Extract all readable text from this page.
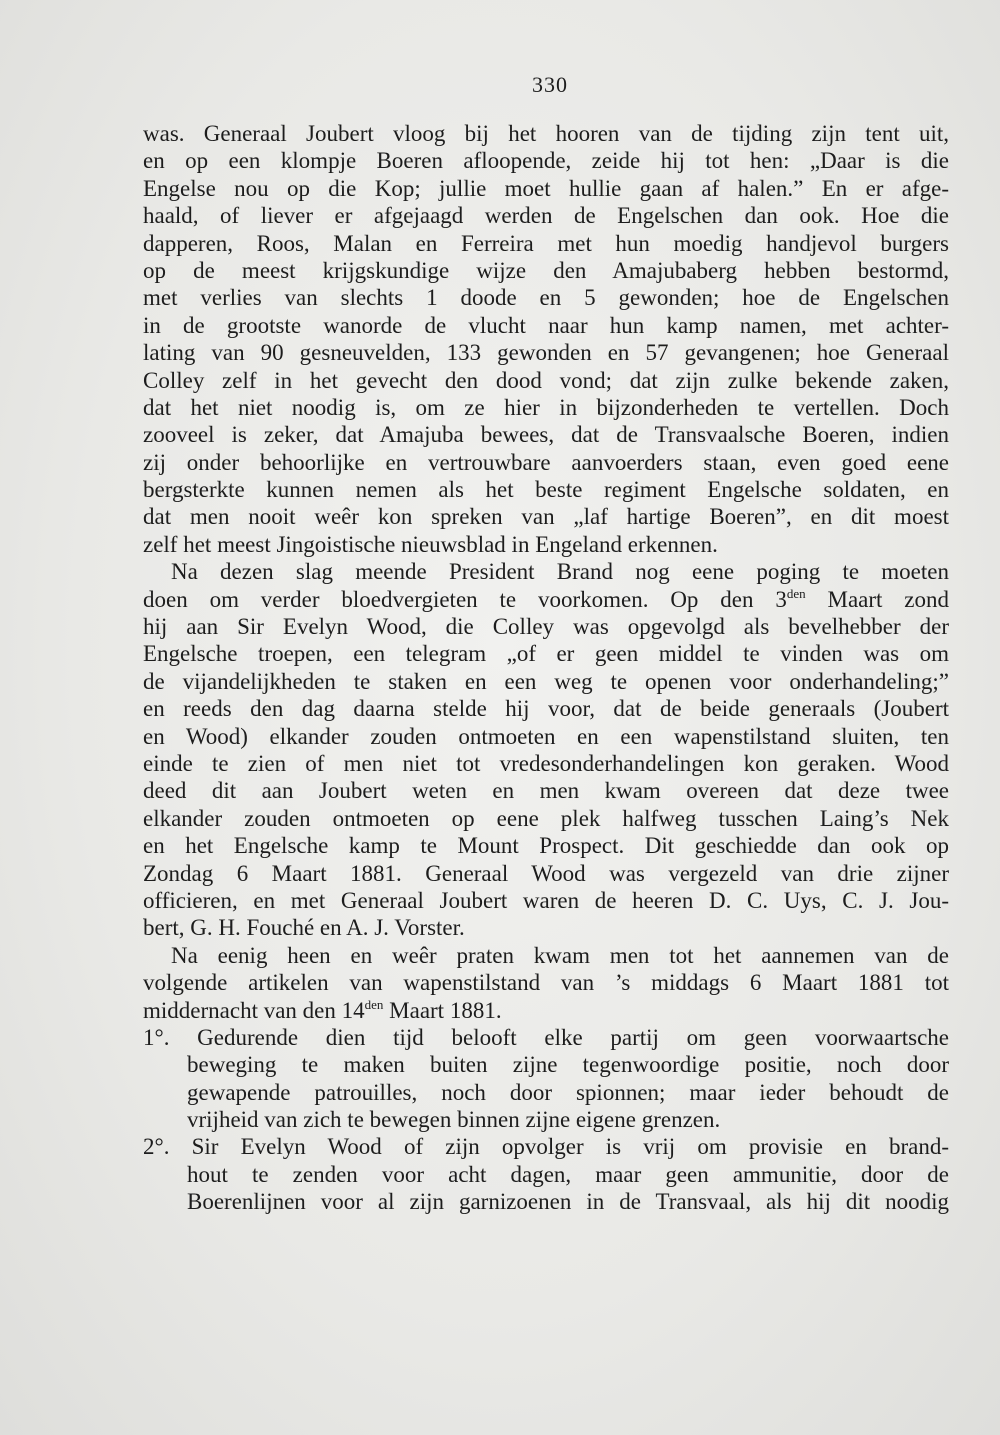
330
was. Generaal Joubert vloog bij het hooren van de tijding zijn tent uit,
en op een klompje Boeren afloopende, zeide hij tot hen: „Daar is die
Engelse nou op die Kop; jullie moet hullie gaan af halen.” En er afge-
haald, of liever er afgejaagd werden de Engelschen dan ook. Hoe die
dapperen, Roos, Malan en Ferreira met hun moedig handjevol burgers
op de meest krijgskundige wijze den Amajubaberg hebben bestormd,
met verlies van slechts 1 doode en 5 gewonden; hoe de Engelschen
in de grootste wanorde de vlucht naar hun kamp namen, met achter-
lating van 90 gesneuvelden, 133 gewonden en 57 gevangenen; hoe Generaal
Colley zelf in het gevecht den dood vond; dat zijn zulke bekende zaken,
dat het niet noodig is, om ze hier in bijzonderheden te vertellen. Doch
zooveel is zeker, dat Amajuba bewees, dat de Transvaalsche Boeren, indien
zij onder behoorlijke en vertrouwbare aanvoerders staan, even goed eene
bergsterkte kunnen nemen als het beste regiment Engelsche soldaten, en
dat men nooit weêr kon spreken van „laf hartige Boeren”, en dit moest
zelf het meest Jingoistische nieuwsblad in Engeland erkennen.
Na dezen slag meende President Brand nog eene poging te moeten
doen om verder bloedvergieten te voorkomen. Op den $3^{den}$ Maart zond
hij aan Sir Evelyn Wood, die Colley was opgevolgd als bevelhebber der
Engelsche troepen, een telegram „of er geen middel te vinden was om
de vijandelijkheden te staken en een weg te openen voor onderhandeling;”
en reeds den dag daarna stelde hij voor, dat de beide generaals (Joubert
en Wood) elkander zouden ontmoeten en een wapenstilstand sluiten, ten
einde te zien of men niet tot vredesonderhandelingen kon geraken. Wood
deed dit aan Joubert weten en men kwam overeen dat deze twee
elkander zouden ontmoeten op eene plek halfweg tusschen Laing’s Nek
en het Engelsche kamp te Mount Prospect. Dit geschiedde dan ook op
Zondag 6 Maart 1881. Generaal Wood was vergezeld van drie zijner
officieren, en met Generaal Joubert waren de heeren D. C. Uys, C. J. Jou-
bert, G. H. Fouché en A. J. Vorster.
Na eenig heen en weêr praten kwam men tot het aannemen van de
volgende artikelen van wapenstilstand van ’s middags 6 Maart 1881 tot
middernacht van den $14^{den}$ Maart 1881.
1°. Gedurende dien tijd belooft elke partij om geen voorwaartsche
beweging te maken buiten zijne tegenwoordige positie, noch door
gewapende patrouilles, noch door spionnen; maar ieder behoudt de
vrijheid van zich te bewegen binnen zijne eigene grenzen.
2°. Sir Evelyn Wood of zijn opvolger is vrij om provisie en brand-
hout te zenden voor acht dagen, maar geen ammunitie, door de
Boerenlijnen voor al zijn garnizoenen in de Transvaal, als hij dit noodig
